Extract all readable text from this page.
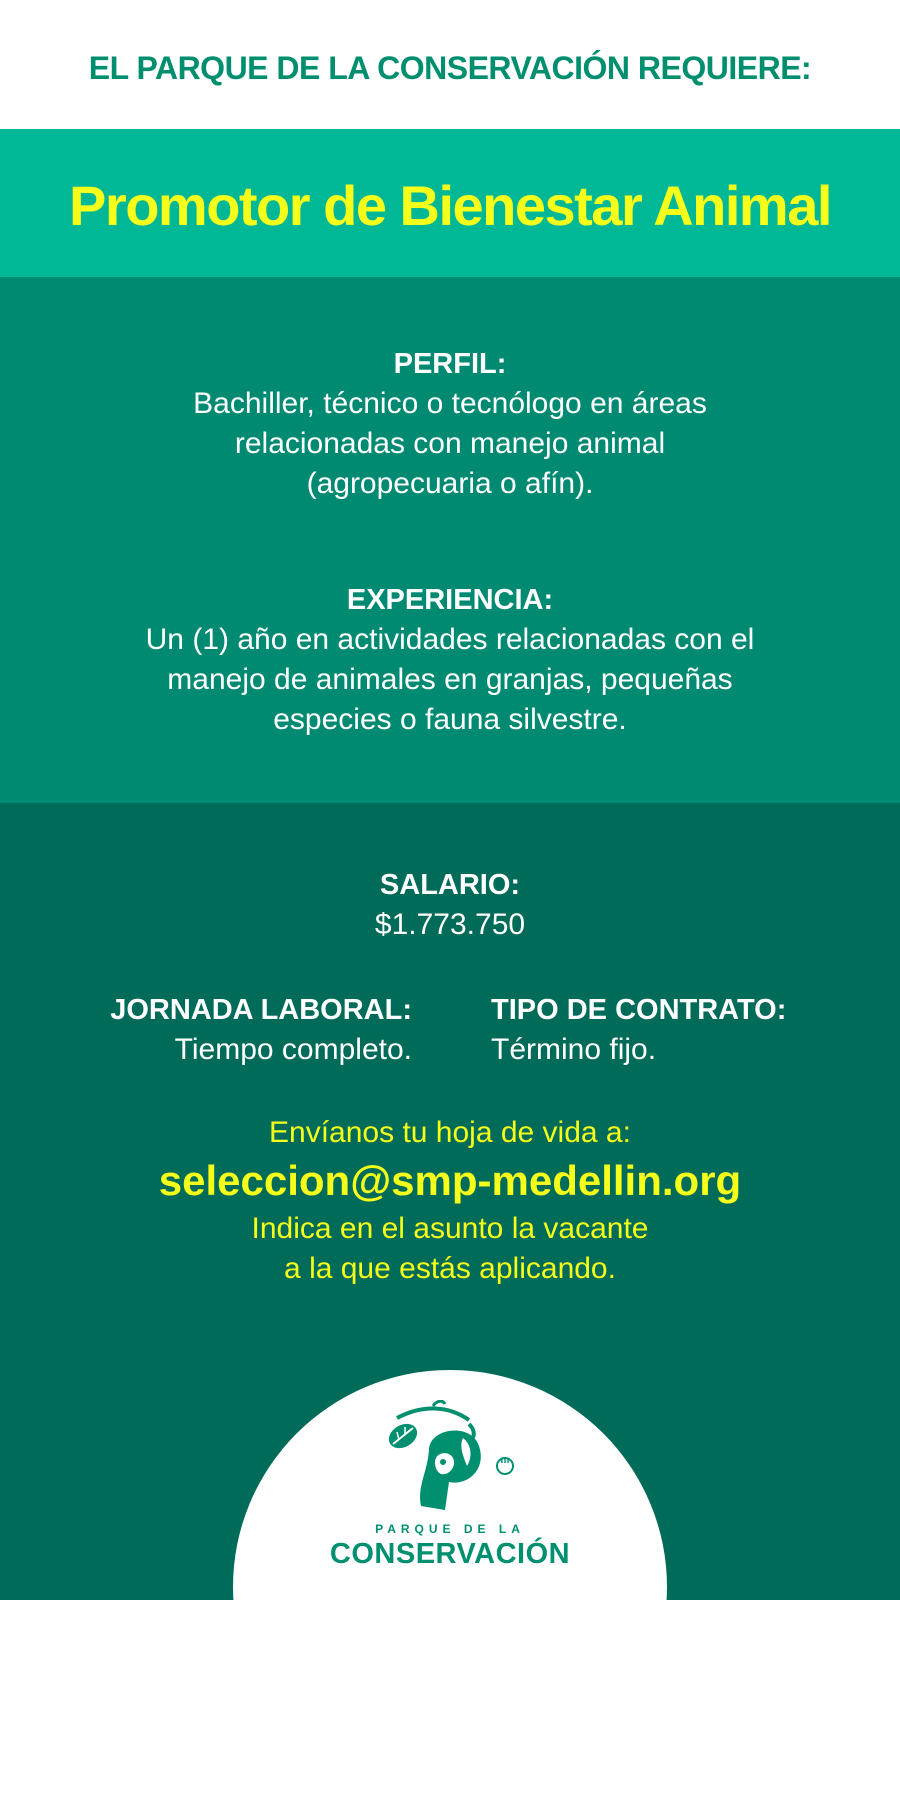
EL PARQUE DE LA CONSERVACIÓN REQUIERE:
Promotor de Bienestar Animal
PERFIL:
Bachiller, técnico o tecnólogo en áreas
relacionadas con manejo animal
(agropecuaria o afín).
EXPERIENCIA:
Un (1) año en actividades relacionadas con el
manejo de animales en granjas, pequeñas
especies o fauna silvestre.
SALARIO:
$1.773.750
JORNADA LABORAL:
Tiempo completo.
TIPO DE CONTRATO:
Término fijo.
Envíanos tu hoja de vida a:
seleccion@smp-medellin.org
Indica en el asunto la vacante
a la que estás aplicando.
m
PARQUE DE LA
CONSERVACIÓN
